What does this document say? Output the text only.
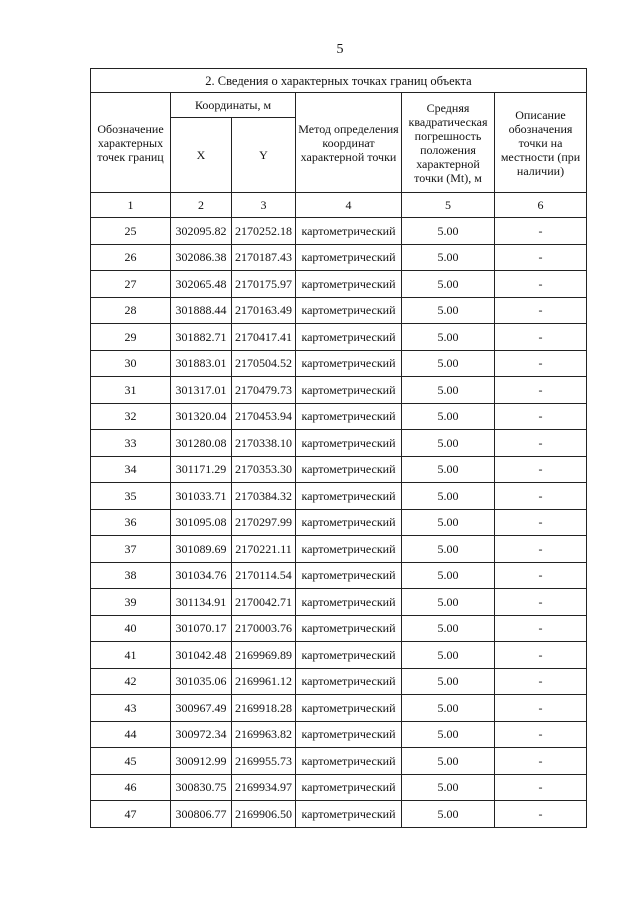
5
2. Сведения о характерных точках границ объекта					
Обозначение характерных точек границ	Координаты, м		Метод определения координат характерной точки	Средняя квадратическая погрешность положения характерной точки (Mt), м	Описание обозначения точки на местности (при наличии)
	X	Y			
1	2	3	4	5	6
25	302095.82	2170252.18	картометрический	5.00	-
26	302086.38	2170187.43	картометрический	5.00	-
27	302065.48	2170175.97	картометрический	5.00	-
28	301888.44	2170163.49	картометрический	5.00	-
29	301882.71	2170417.41	картометрический	5.00	-
30	301883.01	2170504.52	картометрический	5.00	-
31	301317.01	2170479.73	картометрический	5.00	-
32	301320.04	2170453.94	картометрический	5.00	-
33	301280.08	2170338.10	картометрический	5.00	-
34	301171.29	2170353.30	картометрический	5.00	-
35	301033.71	2170384.32	картометрический	5.00	-
36	301095.08	2170297.99	картометрический	5.00	-
37	301089.69	2170221.11	картометрический	5.00	-
38	301034.76	2170114.54	картометрический	5.00	-
39	301134.91	2170042.71	картометрический	5.00	-
40	301070.17	2170003.76	картометрический	5.00	-
41	301042.48	2169969.89	картометрический	5.00	-
42	301035.06	2169961.12	картометрический	5.00	-
43	300967.49	2169918.28	картометрический	5.00	-
44	300972.34	2169963.82	картометрический	5.00	-
45	300912.99	2169955.73	картометрический	5.00	-
46	300830.75	2169934.97	картометрический	5.00	-
47	300806.77	2169906.50	картометрический	5.00	-
